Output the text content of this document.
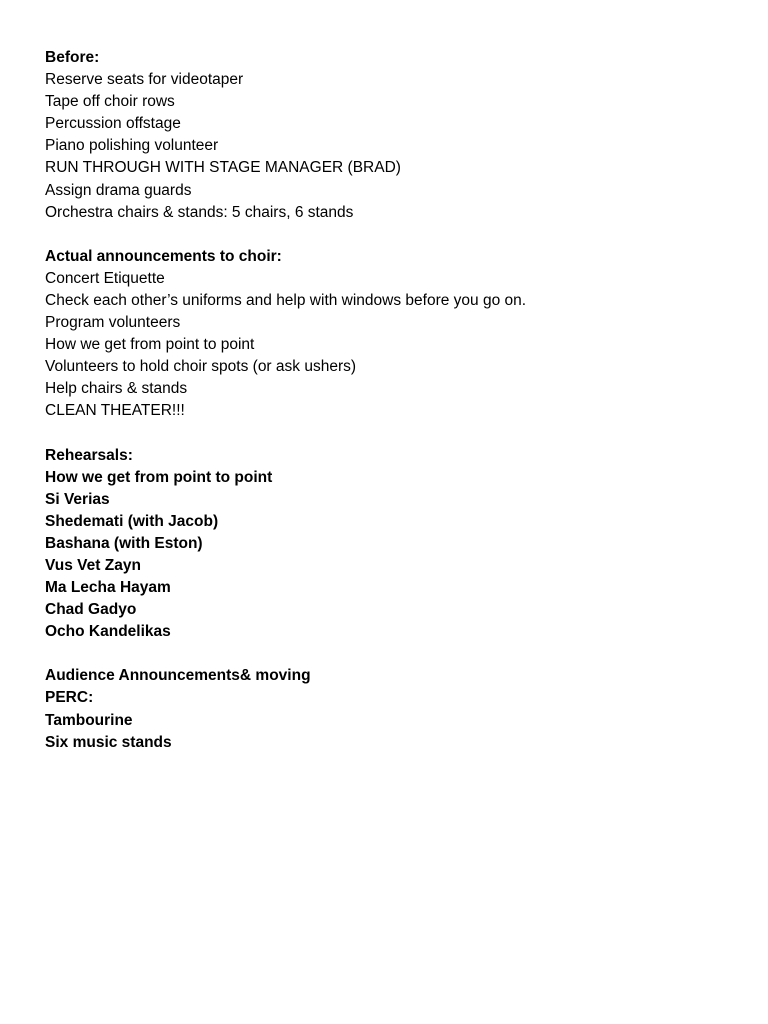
Before:
Reserve seats for videotaper
Tape off choir rows
Percussion offstage
Piano polishing volunteer
RUN THROUGH WITH STAGE MANAGER (BRAD)
Assign drama guards
Orchestra chairs & stands: 5 chairs, 6 stands
Actual announcements to choir:
Concert Etiquette
Check each other’s uniforms and help with windows before you go on.
Program volunteers
How we get from point to point
Volunteers to hold choir spots (or ask ushers)
Help chairs & stands
CLEAN THEATER!!!
Rehearsals:
How we get from point to point
Si Verias
Shedemati (with Jacob)
Bashana (with Eston)
Vus Vet Zayn
Ma Lecha Hayam
Chad Gadyo
Ocho Kandelikas
Audience Announcements& moving
PERC:
Tambourine
Six music stands
